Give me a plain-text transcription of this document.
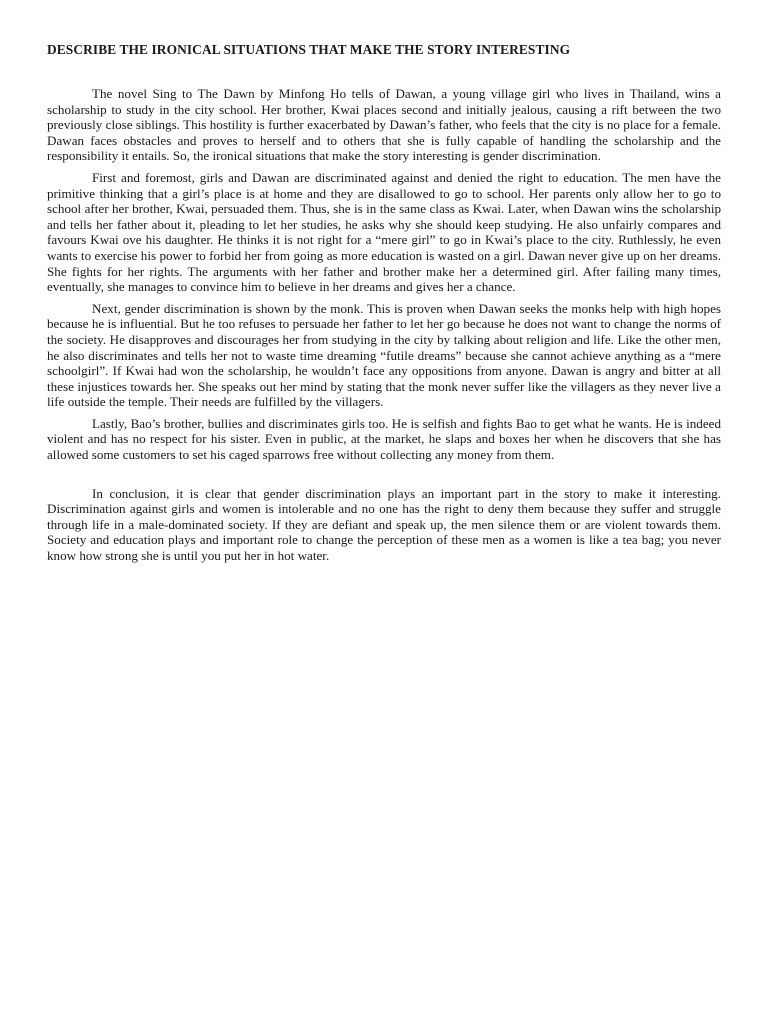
DESCRIBE THE IRONICAL SITUATIONS THAT MAKE THE STORY INTERESTING

The novel Sing to The Dawn by Minfong Ho tells of Dawan, a young village girl who lives in Thailand, wins a scholarship to study in the city school. Her brother, Kwai places second and initially jealous, causing a rift between the two previously close siblings. This hostility is further exacerbated by Dawan’s father, who feels that the city is no place for a female. Dawan faces obstacles and proves to herself and to others that she is fully capable of handling the scholarship and the responsibility it entails. So, the ironical situations that make the story interesting is gender discrimination.

First and foremost, girls and Dawan are discriminated against and denied the right to education. The men have the primitive thinking that a girl’s place is at home and they are disallowed to go to school. Her parents only allow her to go to school after her brother, Kwai, persuaded them. Thus, she is in the same class as Kwai. Later, when Dawan wins the scholarship and tells her father about it, pleading to let her studies, he asks why she should keep studying. He also unfairly compares and favours Kwai ove his daughter. He thinks it is not right for a “mere girl” to go in Kwai’s place to the city. Ruthlessly, he even wants to exercise his power to forbid her from going as more education is wasted on a girl. Dawan never give up on her dreams. She fights for her rights. The arguments with her father and brother make her a determined girl. After failing many times, eventually, she manages to convince him to believe in her dreams and gives her a chance.

Next, gender discrimination is shown by the monk. This is proven when Dawan seeks the monks help with high hopes because he is influential. But he too refuses to persuade her father to let her go because he does not want to change the norms of the society. He disapproves and discourages her from studying in the city by talking about religion and life. Like the other men, he also discriminates and tells her not to waste time dreaming “futile dreams” because she cannot achieve anything as a “mere schoolgirl”. If Kwai had won the scholarship, he wouldn’t face any oppositions from anyone. Dawan is angry and bitter at all these injustices towards her. She speaks out her mind by stating that the monk never suffer like the villagers as they never live a life outside the temple. Their needs are fulfilled by the villagers.

Lastly, Bao’s brother, bullies and discriminates girls too. He is selfish and fights Bao to get what he wants. He is indeed violent and has no respect for his sister. Even in public, at the market, he slaps and boxes her when he discovers that she has allowed some customers to set his caged sparrows free without collecting any money from them.

In conclusion, it is clear that gender discrimination plays an important part in the story to make it interesting. Discrimination against girls and women is intolerable and no one has the right to deny them because they suffer and struggle through life in a male-dominated society. If they are defiant and speak up, the men silence them or are violent towards them. Society and education plays and important role to change the perception of these men as a women is like a tea bag; you never know how strong she is until you put her in hot water.
